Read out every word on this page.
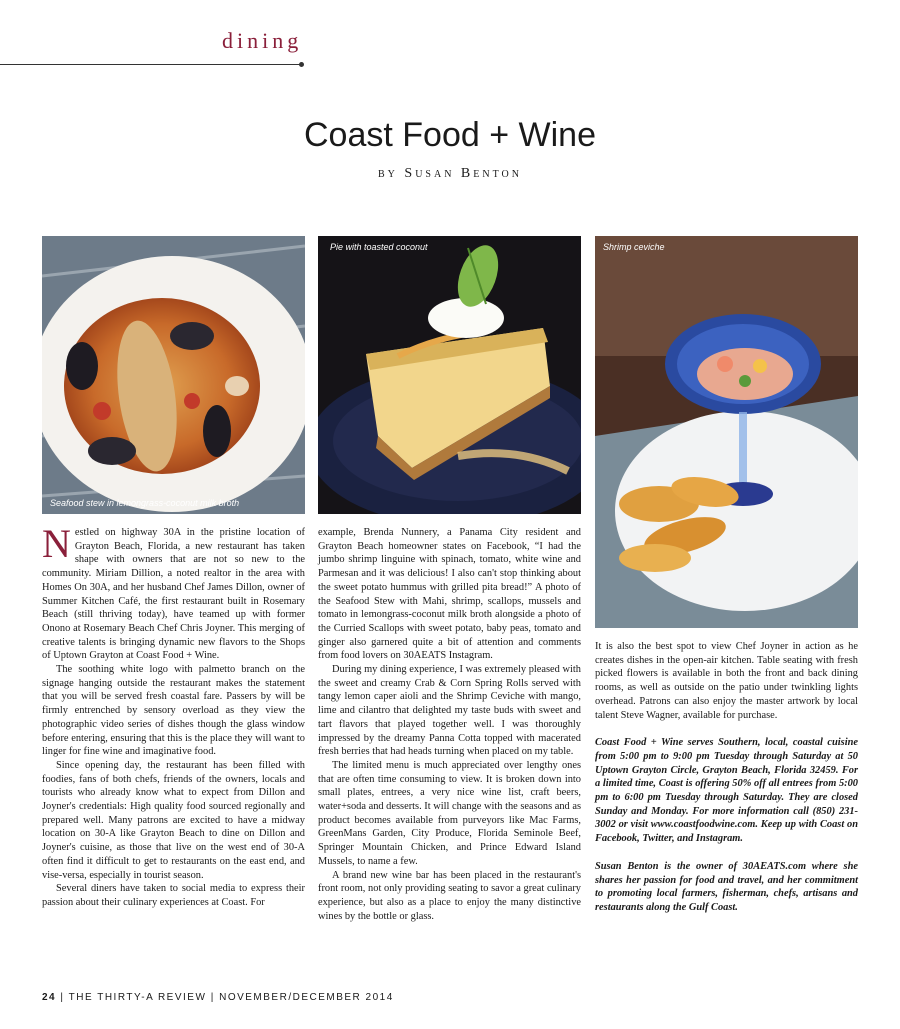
dining
Coast Food + Wine
by Susan Benton
Seafood stew in lemongrass-coconut milk broth
Pie with toasted coconut	Shrimp ceviche

Nestled on highway 30A in the pristine location of Grayton Beach, Florida, a new restaurant has taken shape with owners that are not so new to the community. Miriam Dillion, a noted realtor in the area with Homes On 30A, and her husband Chef James Dillon, owner of Summer Kitchen Café, the first restaurant built in Rosemary Beach (still thriving today), have teamed up with former Onono at Rosemary Beach Chef Chris Joyner. This merging of creative talents is bringing dynamic new flavors to the Shops of Uptown Grayton at Coast Food + Wine.

The soothing white logo with palmetto branch on the signage hanging outside the restaurant makes the statement that you will be served fresh coastal fare. Passers by will be firmly entrenched by sensory overload as they view the photographic video series of dishes though the glass window before entering, ensuring that this is the place they will want to linger for fine wine and imaginative food.

Since opening day, the restaurant has been filled with foodies, fans of both chefs, friends of the owners, locals and tourists who already know what to expect from Dillon and Joyner's credentials: High quality food sourced regionally and prepared well. Many patrons are excited to have a midway location on 30-A like Grayton Beach to dine on Dillon and Joyner's cuisine, as those that live on the west end of 30-A often find it difficult to get to restaurants on the east end, and vise-versa, especially in tourist season.

Several diners have taken to social media to express their passion about their culinary experiences at Coast. For

example, Brenda Nunnery, a Panama City resident and Grayton Beach homeowner states on Facebook, “I had the jumbo shrimp linguine with spinach, tomato, white wine and Parmesan and it was delicious! I also can't stop thinking about the sweet potato hummus with grilled pita bread!” A photo of the Seafood Stew with Mahi, shrimp, scallops, mussels and tomato in lemongrass-coconut milk broth alongside a photo of the Curried Scallops with sweet potato, baby peas, tomato and ginger also garnered quite a bit of attention and comments from food lovers on 30AEATS Instagram.

During my dining experience, I was extremely pleased with the sweet and creamy Crab & Corn Spring Rolls served with tangy lemon caper aioli and the Shrimp Ceviche with mango, lime and cilantro that delighted my taste buds with sweet and tart flavors that played together well. I was thoroughly impressed by the dreamy Panna Cotta topped with macerated fresh berries that had heads turning when placed on my table.

The limited menu is much appreciated over lengthy ones that are often time consuming to view. It is broken down into small plates, entrees, a very nice wine list, craft beers, water+soda and desserts. It will change with the seasons and as product becomes available from purveyors like Mac Farms, GreenMans Garden, City Produce, Florida Seminole Beef, Springer Mountain Chicken, and Prince Edward Island Mussels, to name a few.

A brand new wine bar has been placed in the restaurant's front room, not only providing seating to savor a great culinary experience, but also as a place to enjoy the many distinctive wines by the bottle or glass.

It is also the best spot to view Chef Joyner in action as he creates dishes in the open-air kitchen. Table seating with fresh picked flowers is available in both the front and back dining rooms, as well as outside on the patio under twinkling lights overhead. Patrons can also enjoy the master artwork by local talent Steve Wagner, available for purchase.

Coast Food + Wine serves Southern, local, coastal cuisine from 5:00 pm to 9:00 pm Tuesday through Saturday at 50 Uptown Grayton Circle, Grayton Beach, Florida 32459. For a limited time, Coast is offering 50% off all entrees from 5:00 pm to 6:00 pm Tuesday through Saturday. They are closed Sunday and Monday. For more information call (850) 231-3002 or visit www.coastfoodwine.com. Keep up with Coast on Facebook, Twitter, and Instagram.

Susan Benton is the owner of 30AEATS.com where she shares her passion for food and travel, and her commitment to promoting local farmers, fisherman, chefs, artisans and restaurants along the Gulf Coast.

24 | THE THIRTY-A REVIEW | NOVEMBER/DECEMBER 2014
